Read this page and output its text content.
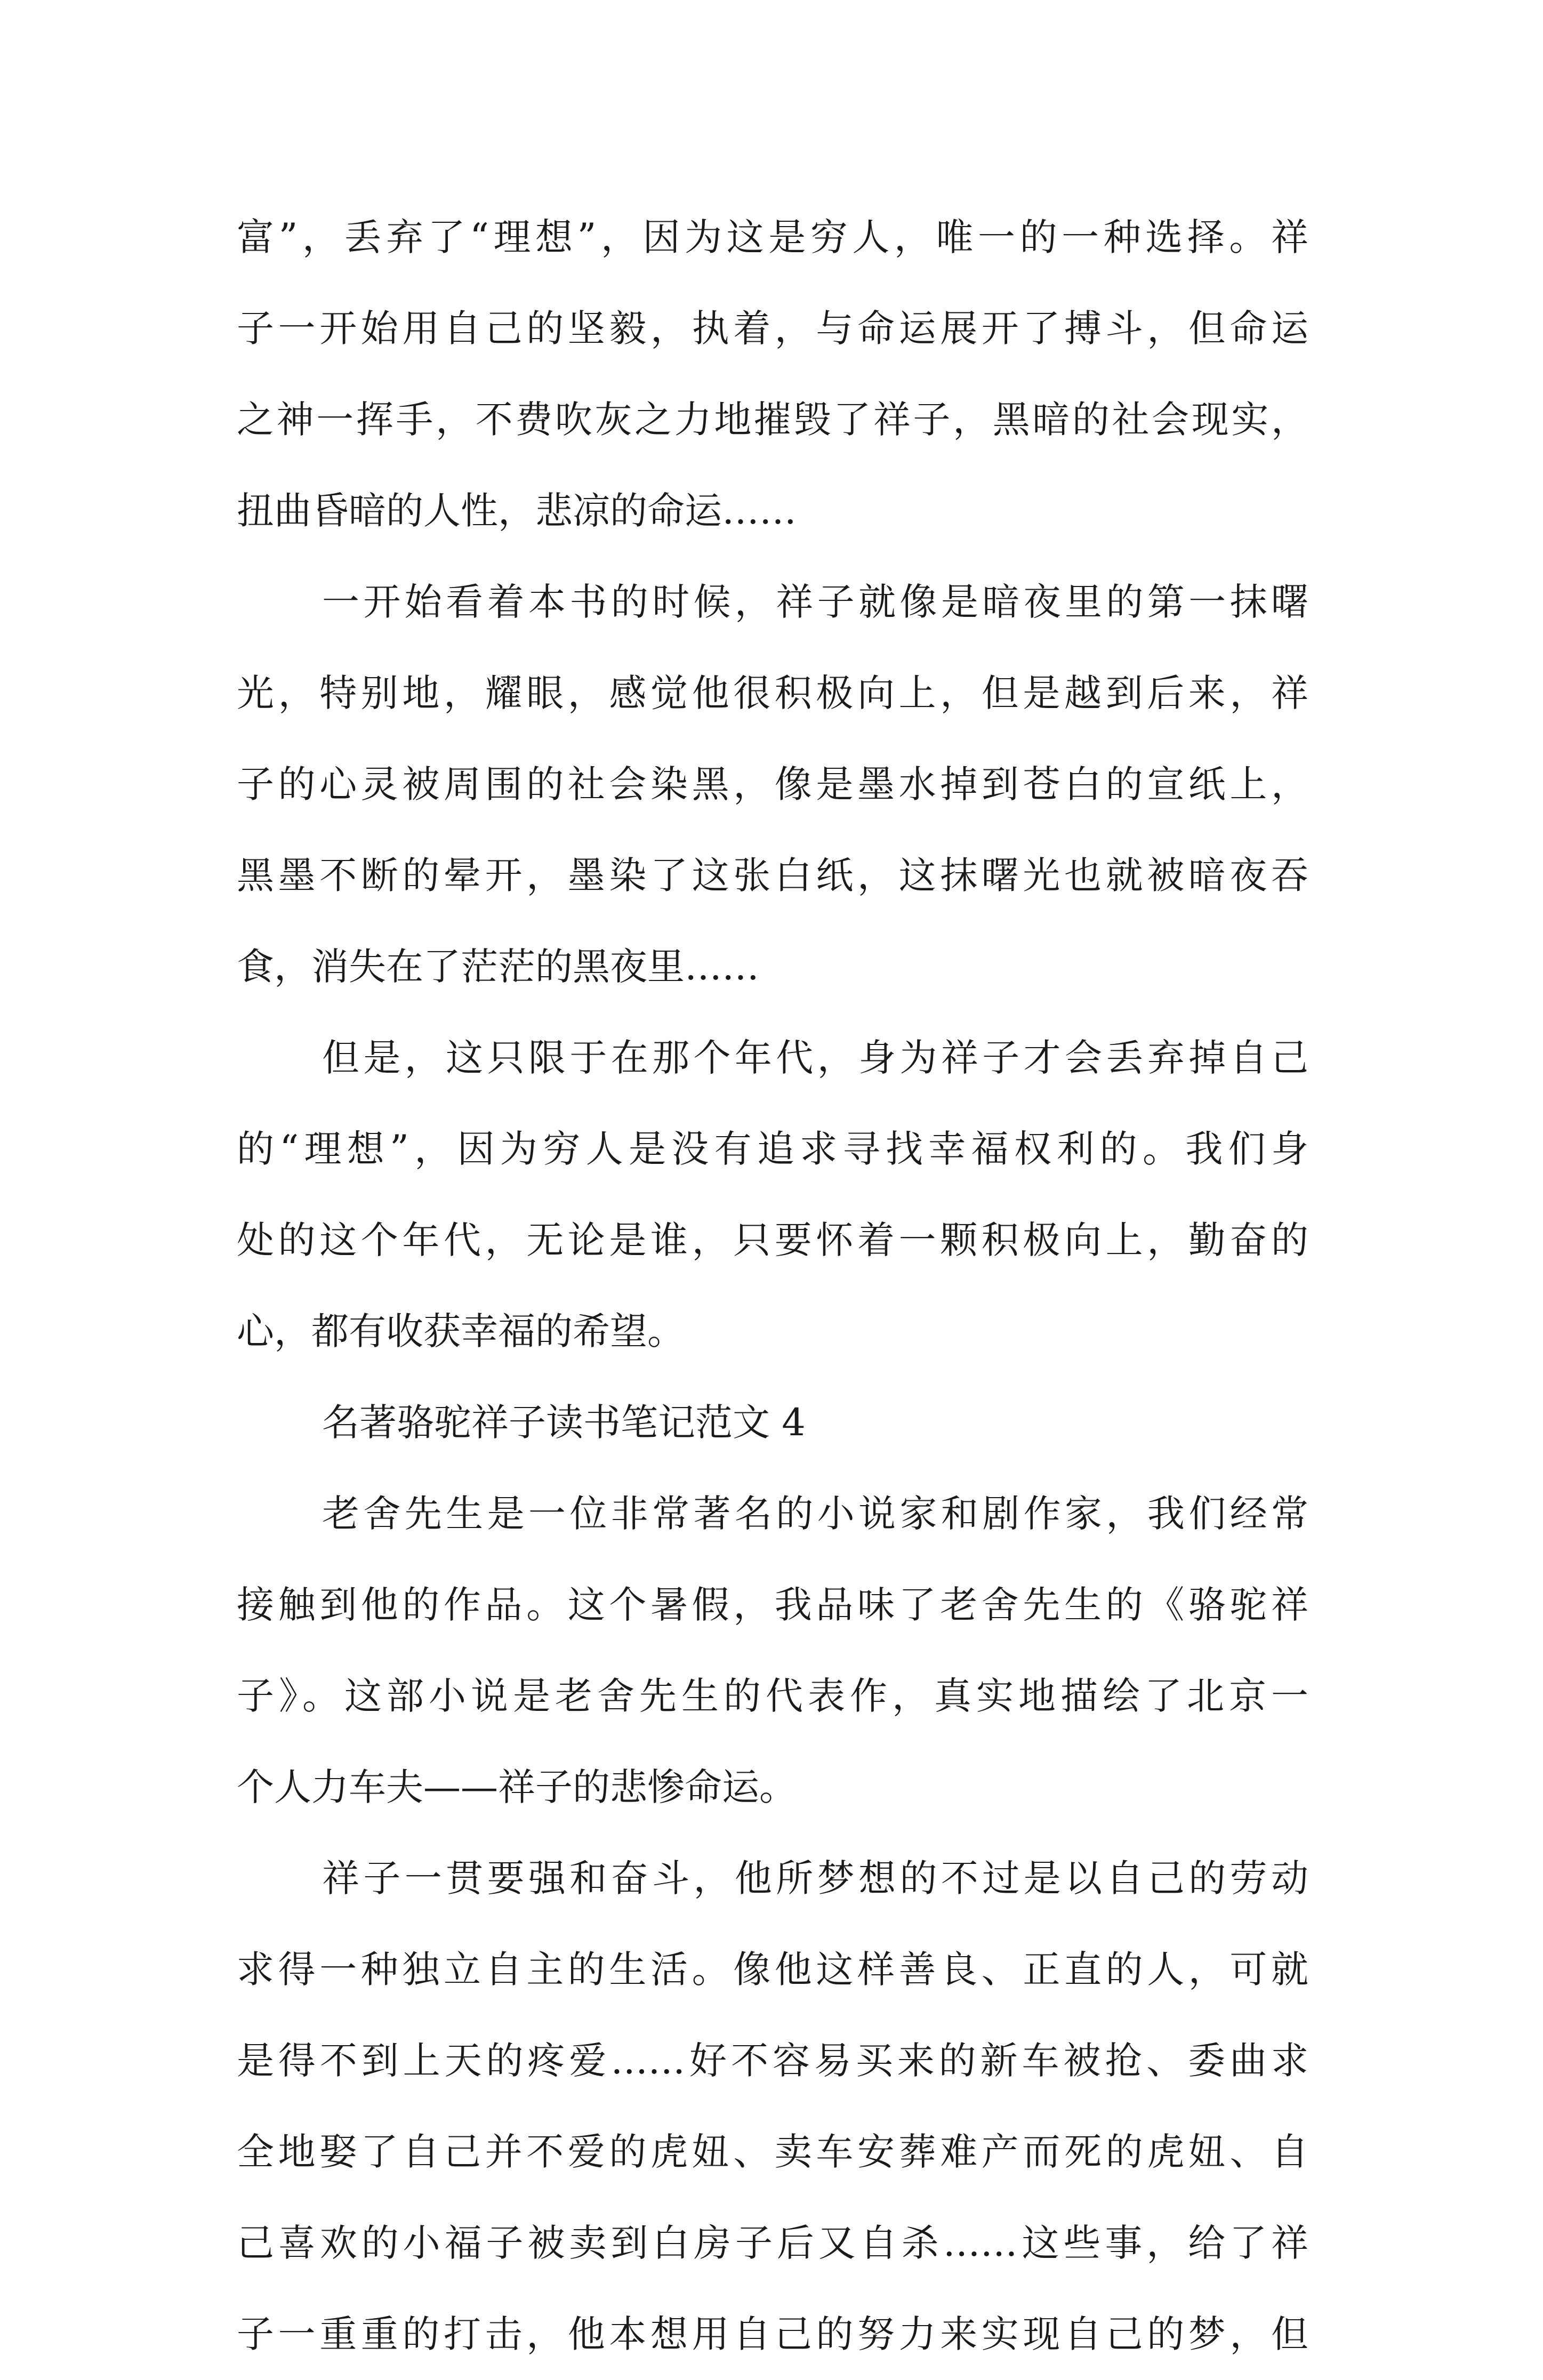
富”，丢弃了“理想”，因为这是穷人，唯一的一种选择。祥
子一开始用自己的坚毅，执着，与命运展开了搏斗，但命运
之神一挥手，不费吹灰之力地摧毁了祥子，黑暗的社会现实，
扭曲昏暗的人性，悲凉的命运……
一开始看着本书的时候，祥子就像是暗夜里的第一抹曙
光，特别地，耀眼，感觉他很积极向上，但是越到后来，祥
子的心灵被周围的社会染黑，像是墨水掉到苍白的宣纸上，
黑墨不断的晕开，墨染了这张白纸，这抹曙光也就被暗夜吞
食，消失在了茫茫的黑夜里……
但是，这只限于在那个年代，身为祥子才会丢弃掉自己
的“理想”，因为穷人是没有追求寻找幸福权利的。我们身
处的这个年代，无论是谁，只要怀着一颗积极向上，勤奋的
心，都有收获幸福的希望。
名著骆驼祥子读书笔记范文 4
老舍先生是一位非常著名的小说家和剧作家，我们经常
接触到他的作品。这个暑假，我品味了老舍先生的《骆驼祥
子》。这部小说是老舍先生的代表作，真实地描绘了北京一
个人力车夫——祥子的悲惨命运。
祥子一贯要强和奋斗，他所梦想的不过是以自己的劳动
求得一种独立自主的生活。像他这样善良、正直的人，可就
是得不到上天的疼爱……好不容易买来的新车被抢、委曲求
全地娶了自己并不爱的虎妞、卖车安葬难产而死的虎妞、自
己喜欢的小福子被卖到白房子后又自杀……这些事，给了祥
子一重重的打击，他本想用自己的努力来实现自己的梦，但
